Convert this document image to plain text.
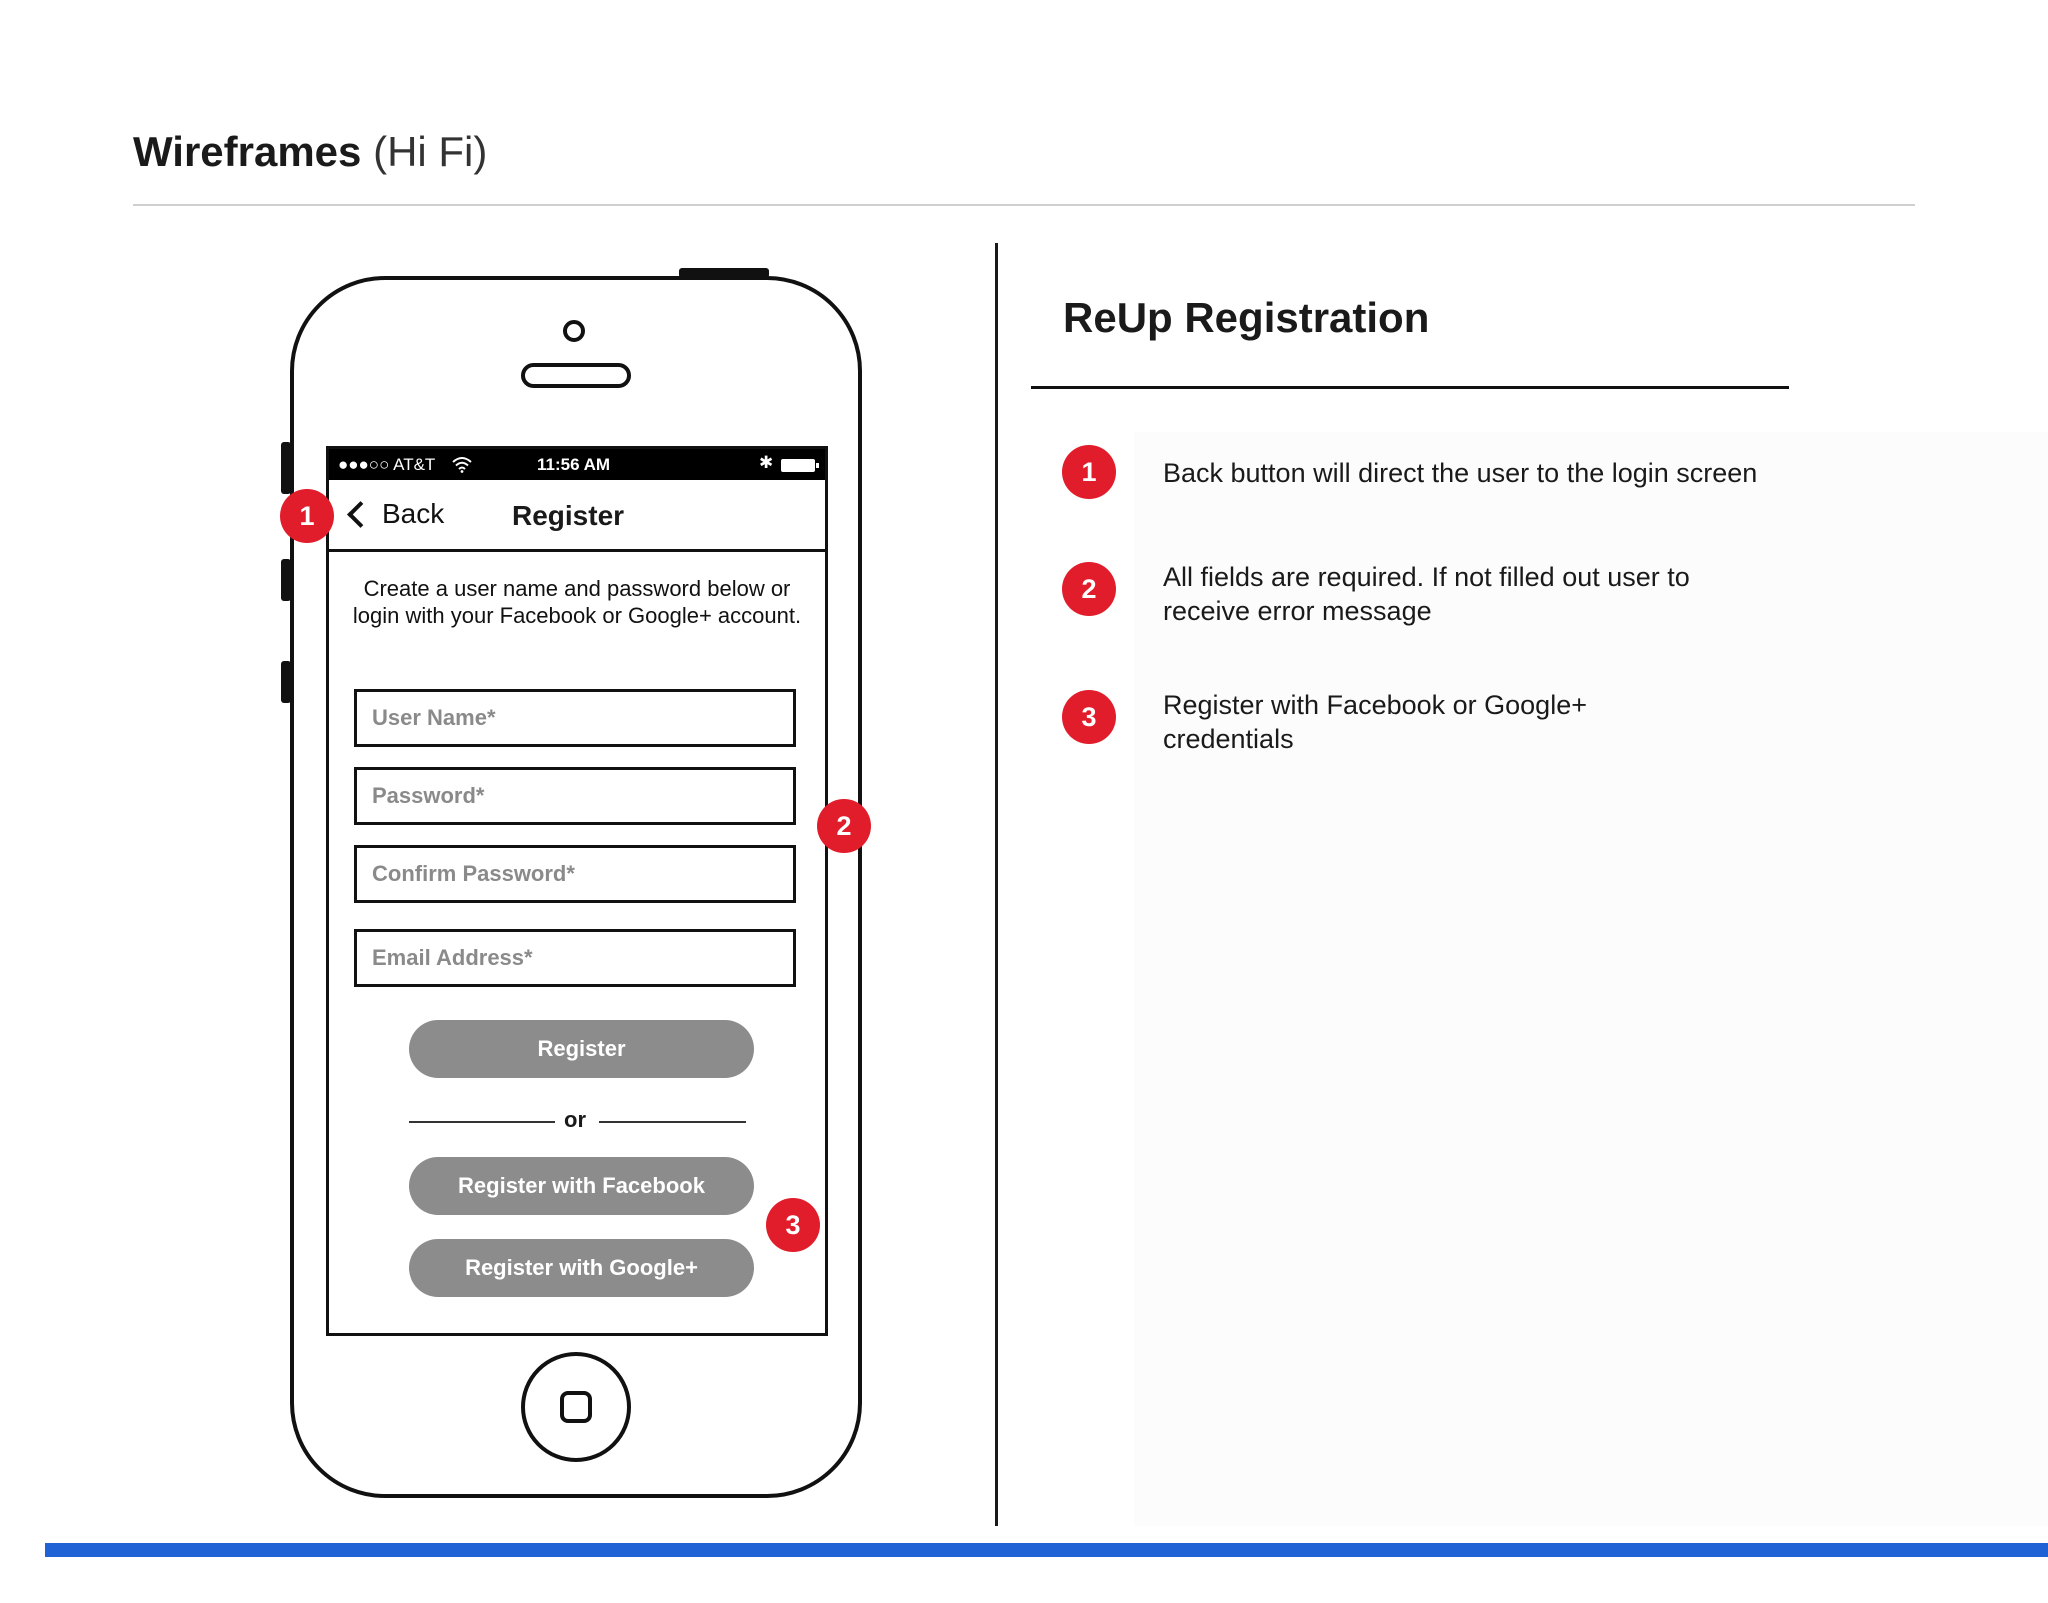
Wireframes (Hi Fi)
●●●○○ AT&T	11:56 AM	✱
Back Register
Create a user name and password below or login with your Facebook or Google+ account.
User Name*
Email Address*
Register
or
Register with Facebook
Register with Google+
1
2
3
ReUp Registration
1	Back button will direct the user to the login screen
2	All fields are required. If not filled out user to receive error message
3	Register with Facebook or Google+ credentials
